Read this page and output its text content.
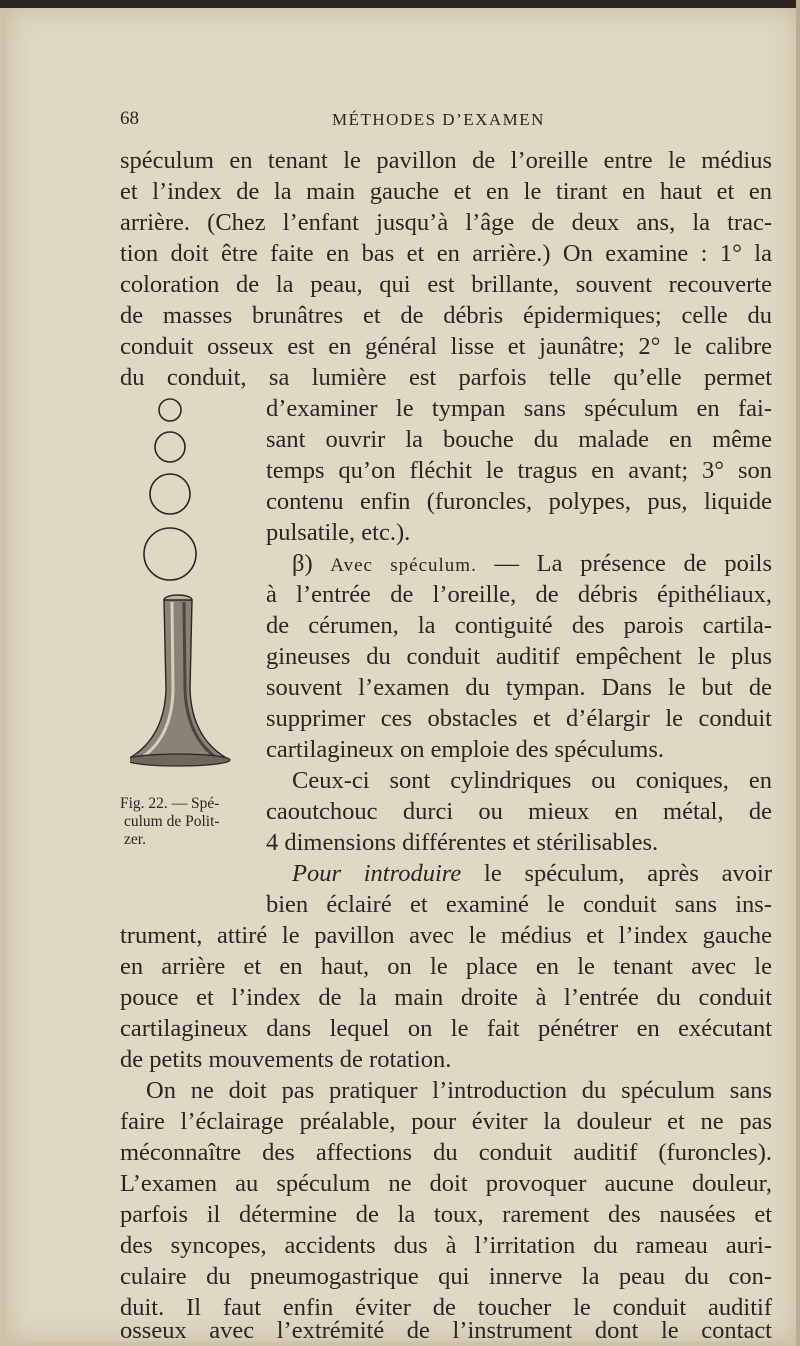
68	MÉTHODES D’EXAMEN
spéculum en tenant le pavillon de l’oreille entre le médius
et l’index de la main gauche et en le tirant en haut et en
arrière. (Chez l’enfant jusqu’à l’âge de deux ans, la trac-
tion doit être faite en bas et en arrière.) On examine : 1° la
coloration de la peau, qui est brillante, souvent recouverte
de masses brunâtres et de débris épidermiques; celle du
conduit osseux est en général lisse et jaunâtre; 2° le calibre
du conduit, sa lumière est parfois telle qu’elle permet
d’examiner le tympan sans spéculum en fai-
sant ouvrir la bouche du malade en même
temps qu’on fléchit le tragus en avant; 3° son
contenu enfin (furoncles, polypes, pus, liquide
pulsatile, etc.).
β) Avec spéculum. — La présence de poils
à l’entrée de l’oreille, de débris épithéliaux,
de cérumen, la contiguité des parois cartila-
gineuses du conduit auditif empêchent le plus
souvent l’examen du tympan. Dans le but de
supprimer ces obstacles et d’élargir le conduit
cartilagineux on emploie des spéculums.
Ceux-ci sont cylindriques ou coniques, en
caoutchouc durci ou mieux en métal, de
4 dimensions différentes et stérilisables.
Pour introduire le spéculum, après avoir
bien éclairé et examiné le conduit sans ins-
trument, attiré le pavillon avec le médius et l’index gauche
en arrière et en haut, on le place en le tenant avec le
pouce et l’index de la main droite à l’entrée du conduit
cartilagineux dans lequel on le fait pénétrer en exécutant
de petits mouvements de rotation.
On ne doit pas pratiquer l’introduction du spéculum sans
faire l’éclairage préalable, pour éviter la douleur et ne pas
méconnaître des affections du conduit auditif (furoncles).
L’examen au spéculum ne doit provoquer aucune douleur,
parfois il détermine de la toux, rarement des nausées et
des syncopes, accidents dus à l’irritation du rameau auri-
culaire du pneumogastrique qui innerve la peau du con-
duit. Il faut enfin éviter de toucher le conduit auditif
osseux avec l’extrémité de l’instrument dont le contact
Fig. 22. — Spé-
culum de Polit-
zer.
